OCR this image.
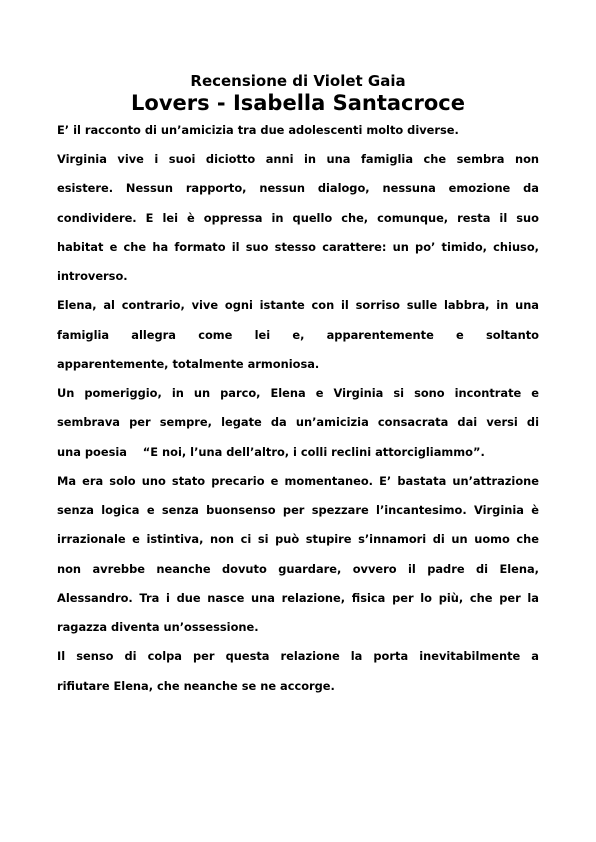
Recensione di Violet Gaia
Lovers - Isabella Santacroce
E’ il racconto di un’amicizia tra due adolescenti molto diverse.
Virginia vive i suoi diciotto anni in una famiglia che sembra non
esistere. Nessun rapporto, nessun dialogo, nessuna emozione da
condividere. E lei è oppressa in quello che, comunque, resta il suo
habitat e che ha formato il suo stesso carattere: un po’ timido, chiuso,
introverso.
Elena, al contrario, vive ogni istante con il sorriso sulle labbra, in una
famiglia allegra come lei e, apparentemente e soltanto
apparentemente, totalmente armoniosa.
Un pomeriggio, in un parco, Elena e Virginia si sono incontrate e
sembrava per sempre, legate da un’amicizia consacrata dai versi di
una poesia    “E noi, l’una dell’altro, i colli reclini attorcigliammo”.
Ma era solo uno stato precario e momentaneo. E’ bastata un’attrazione
senza logica e senza buonsenso per spezzare l’incantesimo. Virginia è
irrazionale e istintiva, non ci si può stupire s’innamori di un uomo che
non avrebbe neanche dovuto guardare, ovvero il padre di Elena,
Alessandro. Tra i due nasce una relazione, fisica per lo più, che per la
ragazza diventa un’ossessione.
Il senso di colpa per questa relazione la porta inevitabilmente a
rifiutare Elena, che neanche se ne accorge.
